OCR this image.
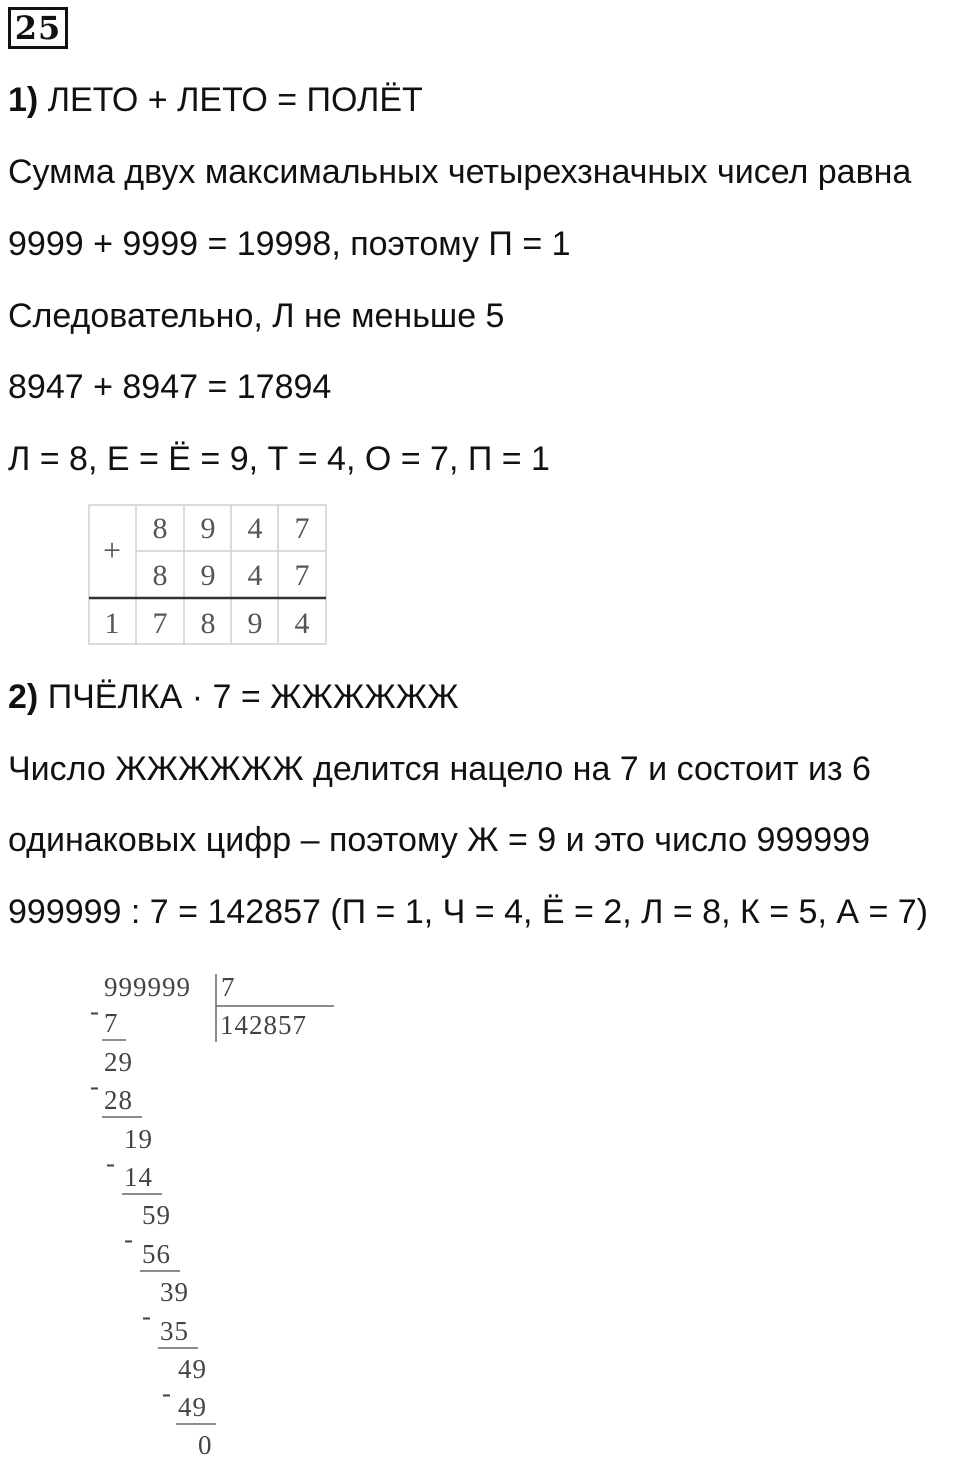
25
1) ЛЕТО + ЛЕТО = ПОЛЁТ
Сумма двух максимальных четырехзначных чисел равна
9999 + 9999 = 19998, поэтому П = 1
Следовательно, Л не меньше 5
8947 + 8947 = 17894
Л = 8, Е = Ё = 9, Т = 4, О = 7, П = 1
+
8 9 4 7
8 9 4 7
1 7 8 9 4
2) ПЧЁЛКА · 7 = ЖЖЖЖЖЖ
Число ЖЖЖЖЖЖ делится нацело на 7 и состоит из 6
одинаковых цифр – поэтому Ж = 9 и это число 999999
999999 : 7 = 142857 (П = 1, Ч = 4, Ё = 2, Л = 8, К = 5, А = 7)
999999 7
142857
- 7
29
- 28
19
- 14
59
- 56
39
- 35
49
- 49
0
